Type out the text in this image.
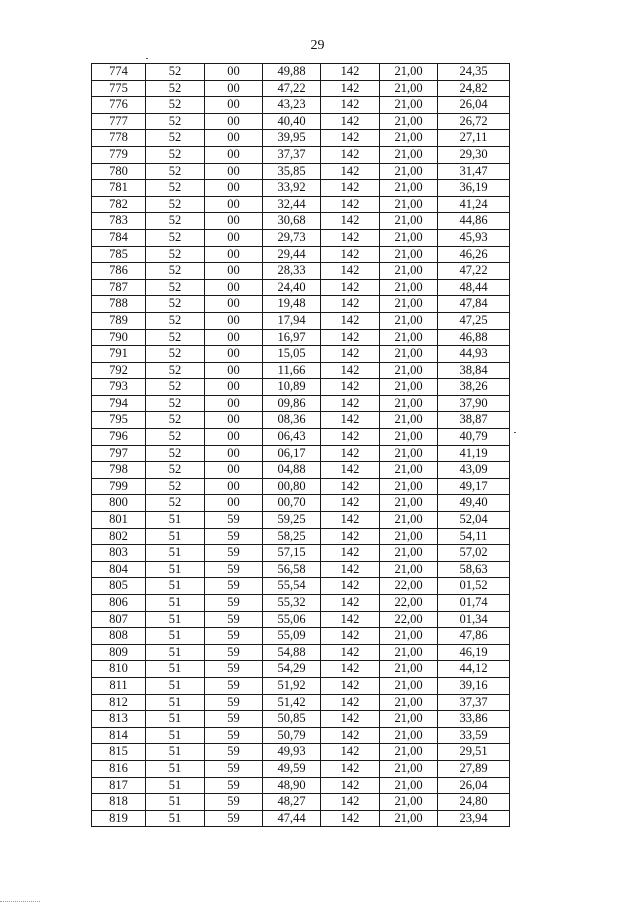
29
774	52	00	49,88	142	21,00	24,35
775	52	00	47,22	142	21,00	24,82
776	52	00	43,23	142	21,00	26,04
777	52	00	40,40	142	21,00	26,72
778	52	00	39,95	142	21,00	27,11
779	52	00	37,37	142	21,00	29,30
780	52	00	35,85	142	21,00	31,47
781	52	00	33,92	142	21,00	36,19
782	52	00	32,44	142	21,00	41,24
783	52	00	30,68	142	21,00	44,86
784	52	00	29,73	142	21,00	45,93
785	52	00	29,44	142	21,00	46,26
786	52	00	28,33	142	21,00	47,22
787	52	00	24,40	142	21,00	48,44
788	52	00	19,48	142	21,00	47,84
789	52	00	17,94	142	21,00	47,25
790	52	00	16,97	142	21,00	46,88
791	52	00	15,05	142	21,00	44,93
792	52	00	11,66	142	21,00	38,84
793	52	00	10,89	142	21,00	38,26
794	52	00	09,86	142	21,00	37,90
795	52	00	08,36	142	21,00	38,87
796	52	00	06,43	142	21,00	40,79
797	52	00	06,17	142	21,00	41,19
798	52	00	04,88	142	21,00	43,09
799	52	00	00,80	142	21,00	49,17
800	52	00	00,70	142	21,00	49,40
801	51	59	59,25	142	21,00	52,04
802	51	59	58,25	142	21,00	54,11
803	51	59	57,15	142	21,00	57,02
804	51	59	56,58	142	21,00	58,63
805	51	59	55,54	142	22,00	01,52
806	51	59	55,32	142	22,00	01,74
807	51	59	55,06	142	22,00	01,34
808	51	59	55,09	142	21,00	47,86
809	51	59	54,88	142	21,00	46,19
810	51	59	54,29	142	21,00	44,12
811	51	59	51,92	142	21,00	39,16
812	51	59	51,42	142	21,00	37,37
813	51	59	50,85	142	21,00	33,86
814	51	59	50,79	142	21,00	33,59
815	51	59	49,93	142	21,00	29,51
816	51	59	49,59	142	21,00	27,89
817	51	59	48,90	142	21,00	26,04
818	51	59	48,27	142	21,00	24,80
819	51	59	47,44	142	21,00	23,94
